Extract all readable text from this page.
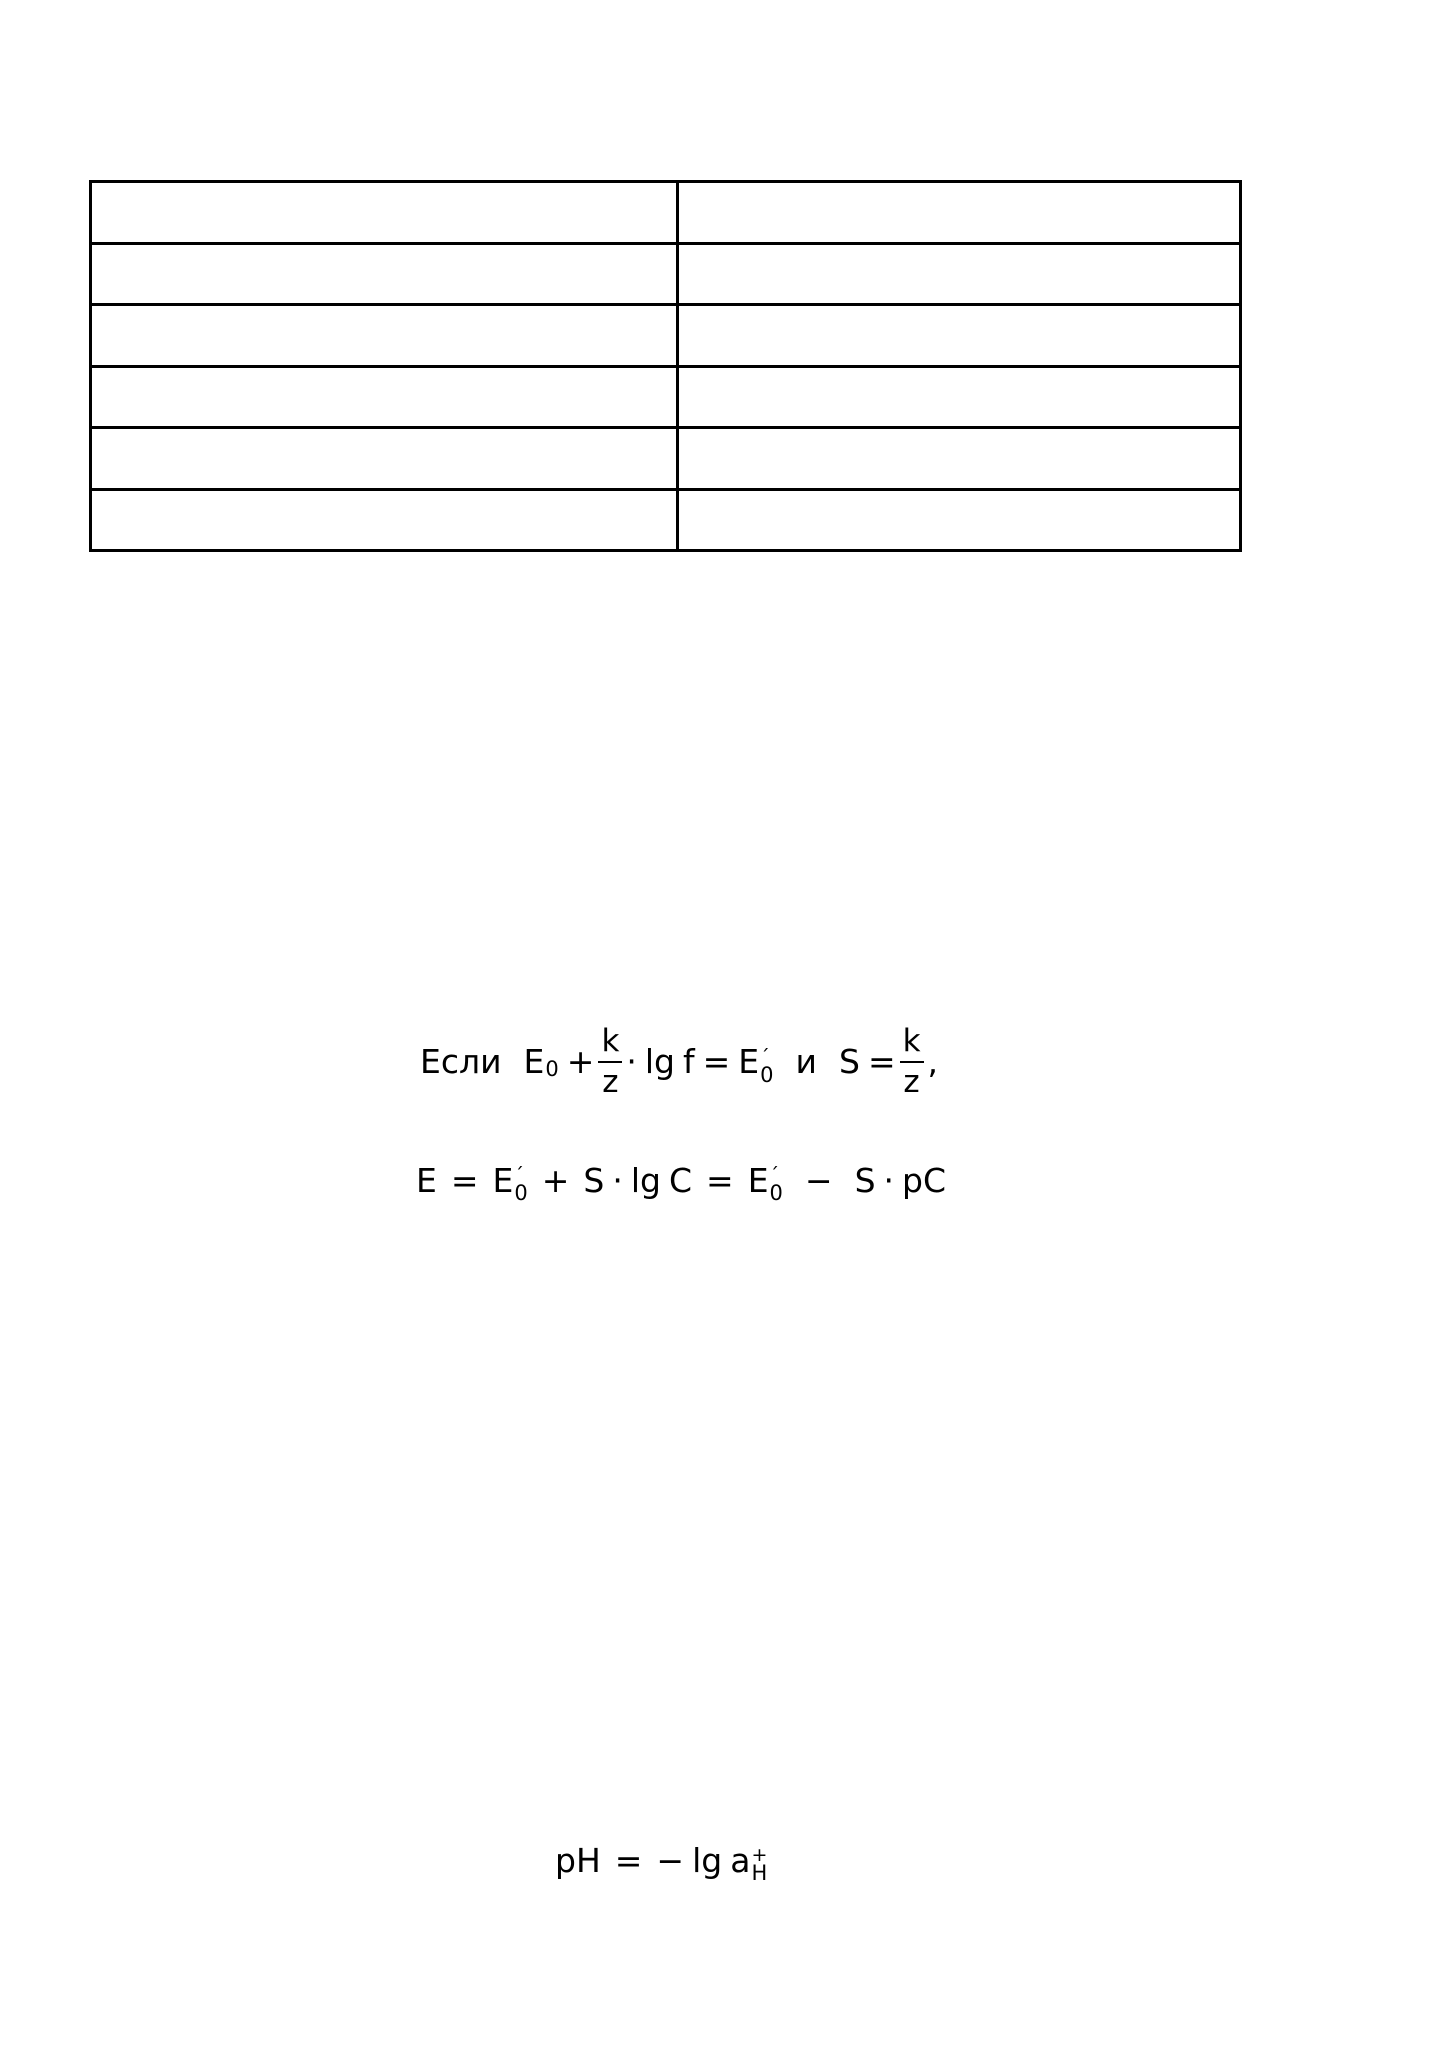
Если E $0 + \frac{k}{z} \cdot \lg f = E$ ´
0 и $S = \frac{k}{z}$ ,
E = E ´
0 + S · lg C = E ´
0 − S · pC
pH = − lg a +
H
